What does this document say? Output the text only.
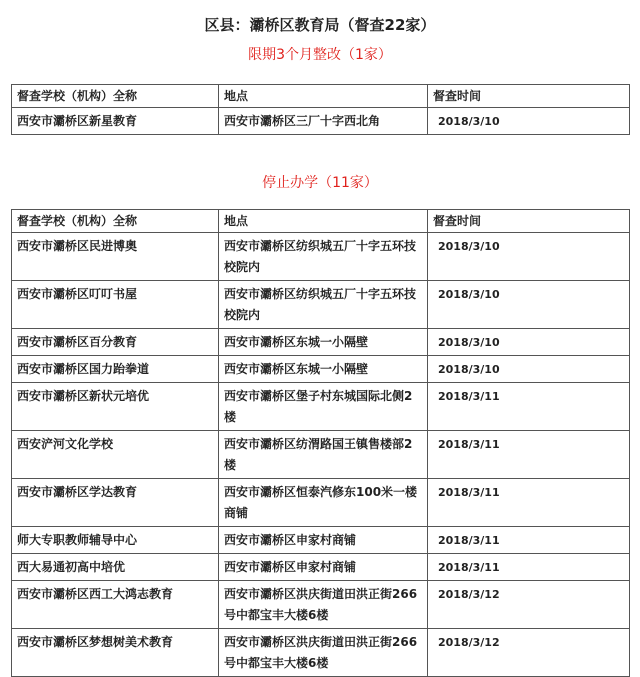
区县：灞桥区教育局（督查22家）
限期3个月整改（1家）
督查学校（机构）全称	地点	督查时间
西安市灞桥区新星教育	西安市灞桥区三厂十字西北角	2018/3/10
停止办学（11家）
督查学校（机构）全称	地点	督查时间
西安市灞桥区民进博奥	西安市灞桥区纺织城五厂十字五环技校院内	2018/3/10
西安市灞桥区叮叮书屋	西安市灞桥区纺织城五厂十字五环技校院内	2018/3/10
西安市灞桥区百分教育	西安市灞桥区东城一小隔壁	2018/3/10
西安市灞桥区国力跆拳道	西安市灞桥区东城一小隔壁	2018/3/10
西安市灞桥区新状元培优	西安市灞桥区堡子村东城国际北侧2楼	2018/3/11
西安浐河文化学校	西安市灞桥区纺渭路国王镇售楼部2楼	2018/3/11
西安市灞桥区学达教育	西安市灞桥区恒泰汽修东100米一楼商铺	2018/3/11
师大专职教师辅导中心	西安市灞桥区申家村商铺	2018/3/11
西大易通初高中培优	西安市灞桥区申家村商铺	2018/3/11
西安市灞桥区西工大鸿志教育	西安市灞桥区洪庆街道田洪正街266号中都宝丰大楼6楼	2018/3/12
西安市灞桥区梦想树美术教育	西安市灞桥区洪庆街道田洪正街266号中都宝丰大楼6楼	2018/3/12
